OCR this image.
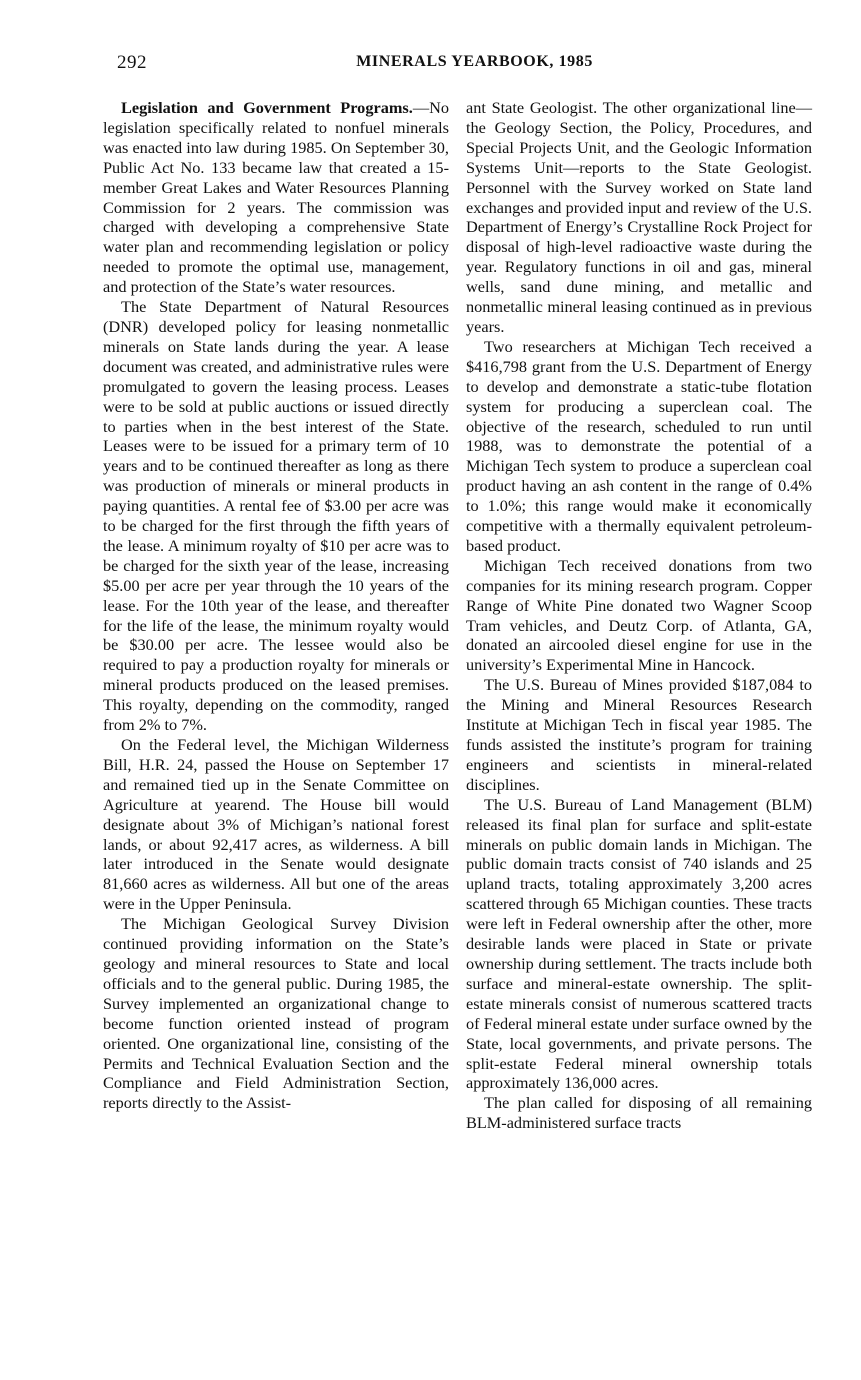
292	MINERALS YEARBOOK, 1985

Legislation and Government Programs.—No legislation specifically related to nonfuel minerals was enacted into law during 1985. On September 30, Public Act No. 133 became law that created a 15-member Great Lakes and Water Resources Planning Commission for 2 years. The commission was charged with developing a comprehensive State water plan and recommending legislation or policy needed to promote the optimal use, management, and protection of the State’s water resources.

The State Department of Natural Resources (DNR) developed policy for leasing nonmetallic minerals on State lands during the year. A lease document was created, and administrative rules were promulgated to govern the leasing process. Leases were to be sold at public auctions or issued directly to parties when in the best interest of the State. Leases were to be issued for a primary term of 10 years and to be continued thereafter as long as there was production of minerals or mineral products in paying quantities. A rental fee of $3.00 per acre was to be charged for the first through the fifth years of the lease. A minimum royalty of $10 per acre was to be charged for the sixth year of the lease, increasing $5.00 per acre per year through the 10 years of the lease. For the 10th year of the lease, and thereafter for the life of the lease, the minimum royalty would be $30.00 per acre. The lessee would also be required to pay a production royalty for minerals or mineral products produced on the leased premises. This royalty, depending on the commodity, ranged from 2% to 7%.

On the Federal level, the Michigan Wilderness Bill, H.R. 24, passed the House on September 17 and remained tied up in the Senate Committee on Agriculture at yearend. The House bill would designate about 3% of Michigan’s national forest lands, or about 92,417 acres, as wilderness. A bill later introduced in the Senate would designate 81,660 acres as wilderness. All but one of the areas were in the Upper Peninsula.

The Michigan Geological Survey Division continued providing information on the State’s geology and mineral resources to State and local officials and to the general public. During 1985, the Survey implemented an organizational change to become function oriented instead of program oriented. One organizational line, consisting of the Permits and Technical Evaluation Section and the Compliance and Field Administration Section, reports directly to the Assist-

ant State Geologist. The other organizational line—the Geology Section, the Policy, Procedures, and Special Projects Unit, and the Geologic Information Systems Unit—reports to the State Geologist. Personnel with the Survey worked on State land exchanges and provided input and review of the U.S. Department of Energy’s Crystalline Rock Project for disposal of high-level radioactive waste during the year. Regulatory functions in oil and gas, mineral wells, sand dune mining, and metallic and nonmetallic mineral leasing continued as in previous years.

Two researchers at Michigan Tech received a $416,798 grant from the U.S. Department of Energy to develop and demonstrate a static-tube flotation system for producing a superclean coal. The objective of the research, scheduled to run until 1988, was to demonstrate the potential of a Michigan Tech system to produce a superclean coal product having an ash content in the range of 0.4% to 1.0%; this range would make it economically competitive with a thermally equivalent petroleum-based product.

Michigan Tech received donations from two companies for its mining research program. Copper Range of White Pine donated two Wagner Scoop Tram vehicles, and Deutz Corp. of Atlanta, GA, donated an aircooled diesel engine for use in the university’s Experimental Mine in Hancock.

The U.S. Bureau of Mines provided $187,084 to the Mining and Mineral Resources Research Institute at Michigan Tech in fiscal year 1985. The funds assisted the institute’s program for training engineers and scientists in mineral-related disciplines.

The U.S. Bureau of Land Management (BLM) released its final plan for surface and split-estate minerals on public domain lands in Michigan. The public domain tracts consist of 740 islands and 25 upland tracts, totaling approximately 3,200 acres scattered through 65 Michigan counties. These tracts were left in Federal ownership after the other, more desirable lands were placed in State or private ownership during settlement. The tracts include both surface and mineral-estate ownership. The split-estate minerals consist of numerous scattered tracts of Federal mineral estate under surface owned by the State, local governments, and private persons. The split-estate Federal mineral ownership totals approximately 136,000 acres.

The plan called for disposing of all remaining BLM-administered surface tracts
